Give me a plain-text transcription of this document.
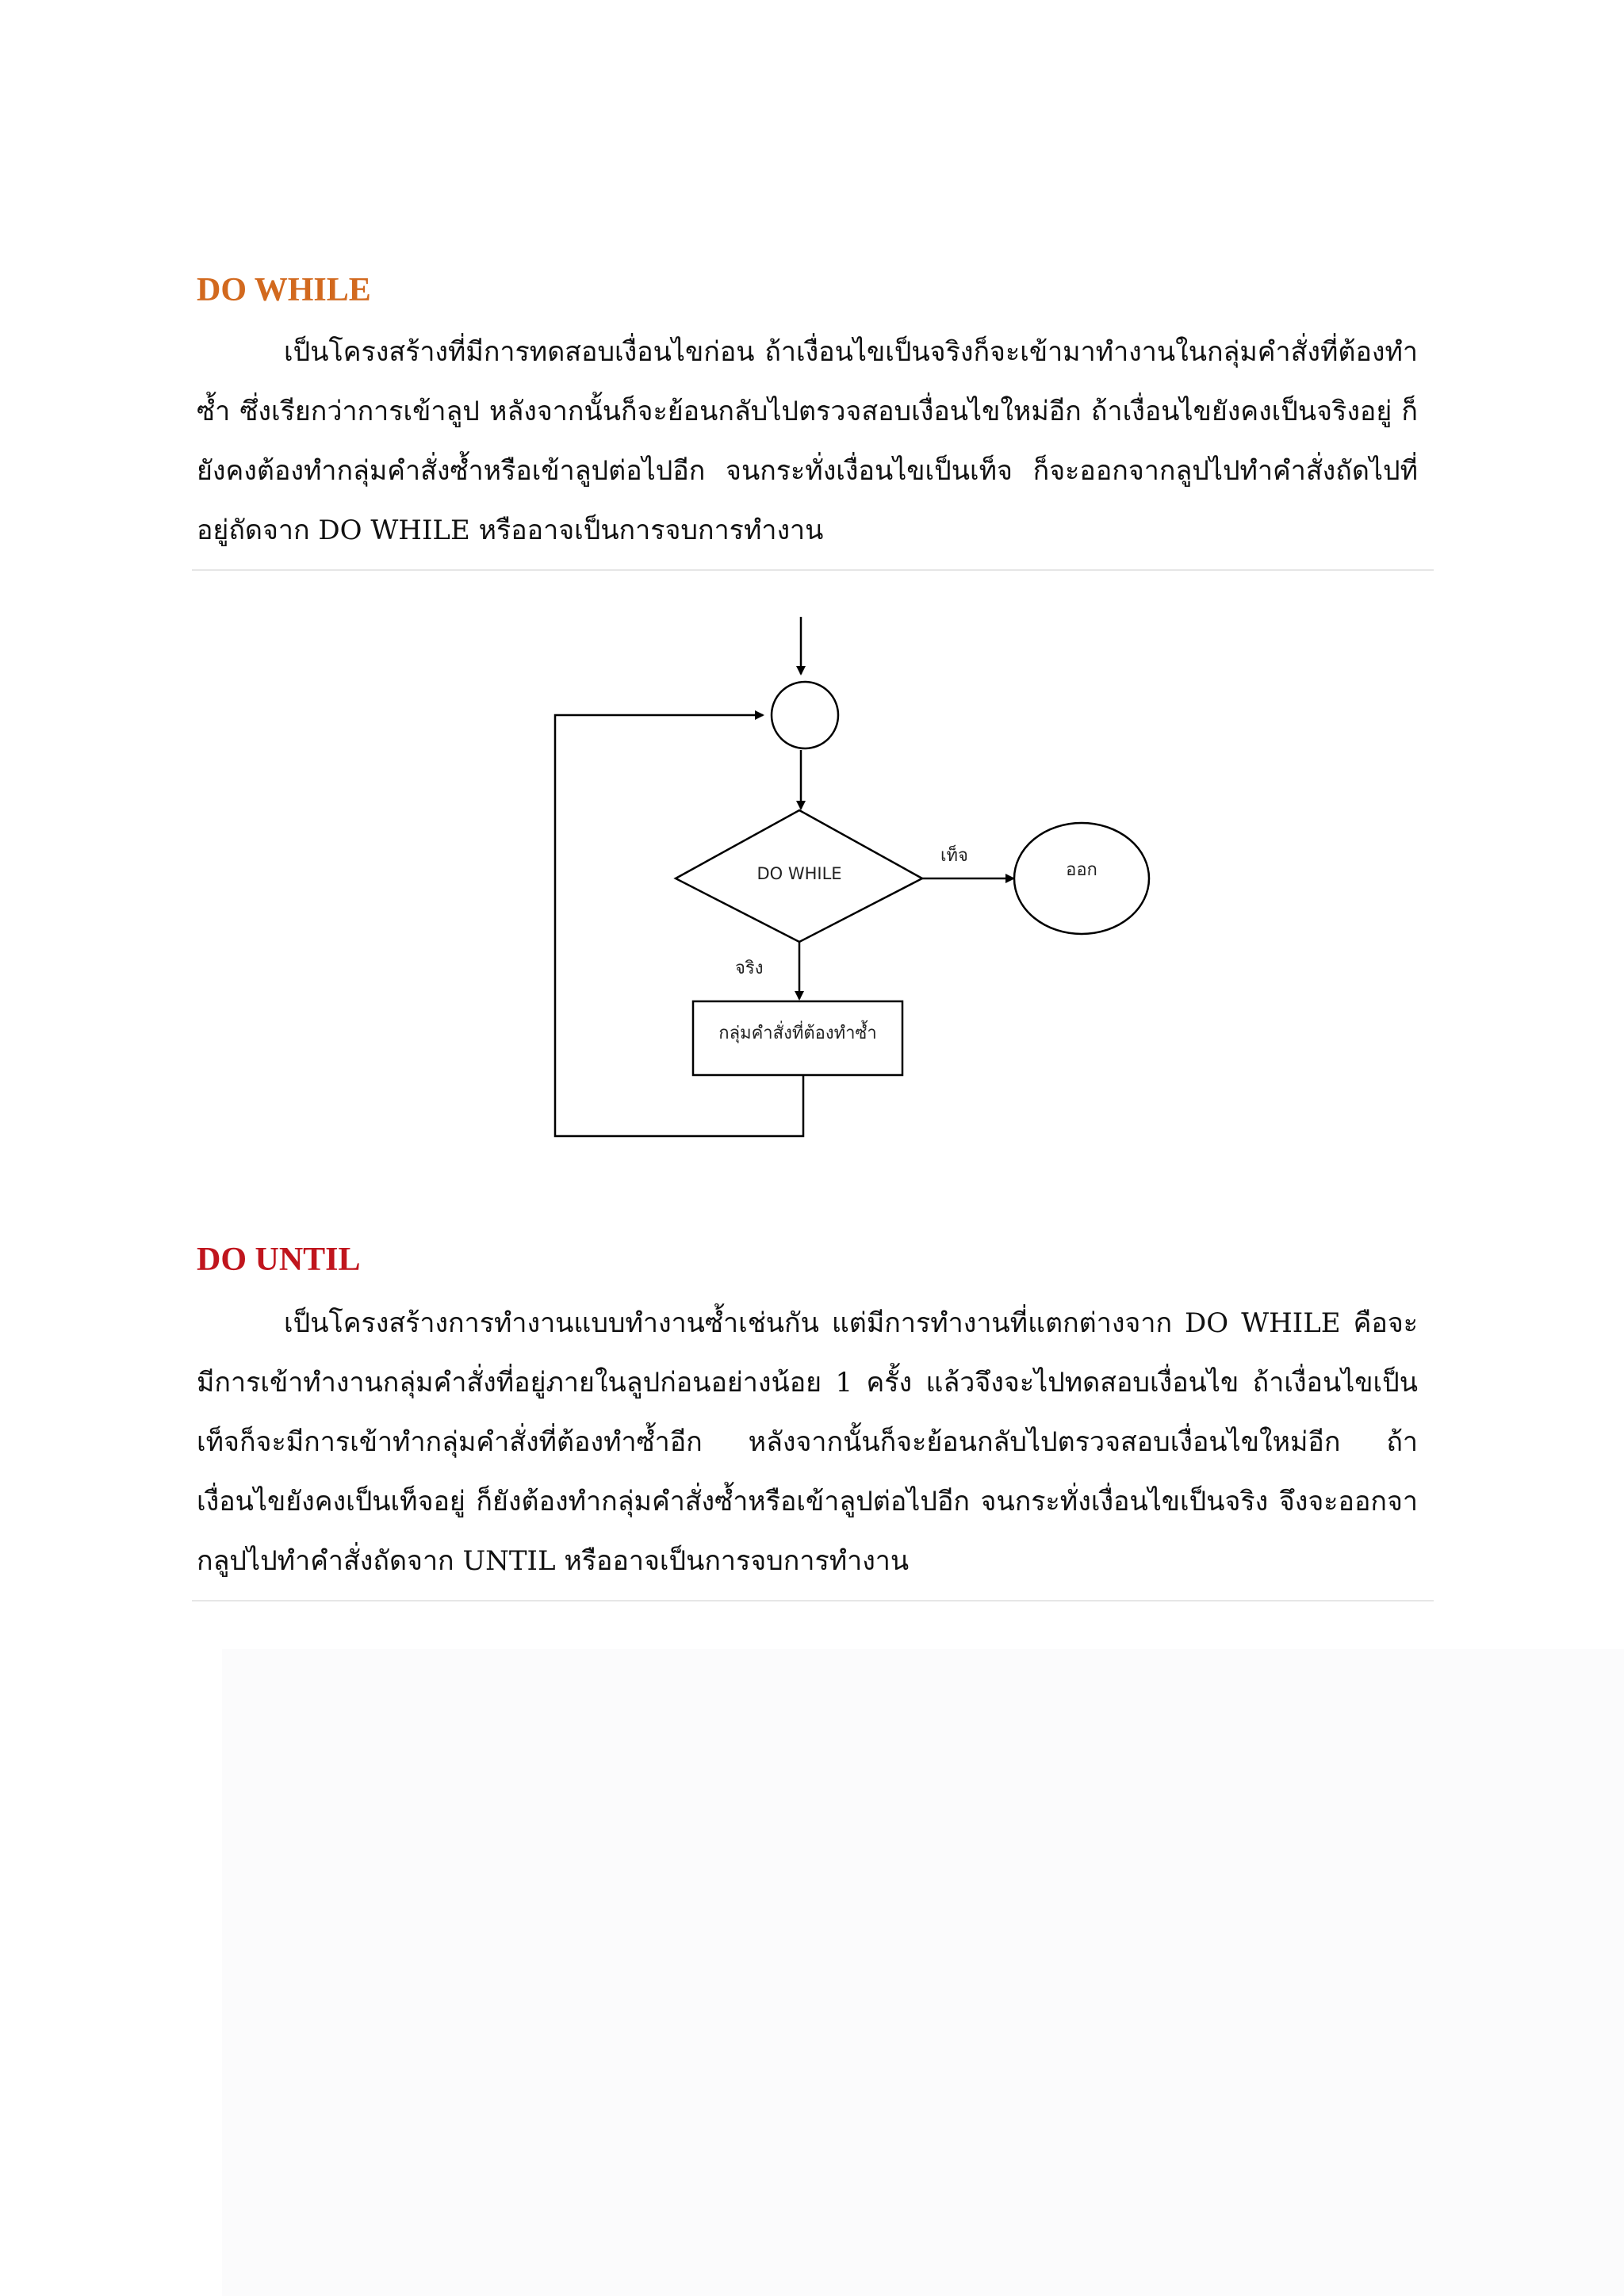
DO WHILE

เป็นโครงสร้างที่มีการทดสอบเงื่อนไขก่อน ถ้าเงื่อนไขเป็นจริงก็จะเข้ามาทำงานในกลุ่มคำสั่งที่ต้องทำซ้ำ ซึ่งเรียกว่าการเข้าลูป หลังจากนั้นก็จะย้อนกลับไปตรวจสอบเงื่อนไขใหม่อีก ถ้าเงื่อนไขยังคงเป็นจริงอยู่ ก็ยังคงต้องทำกลุ่มคำสั่งซ้ำหรือเข้าลูปต่อไปอีก จนกระทั่งเงื่อนไขเป็นเท็จ ก็จะออกจากลูปไปทำคำสั่งถัดไปที่อยู่ถัดจาก DO WHILE หรืออาจเป็นการจบการทำงาน

DO WHILE
เท็จ
ออก
จริง
กลุ่มคำสั่งที่ต้องทำซ้ำ
DO UNTIL

เป็นโครงสร้างการทำงานแบบทำงานซ้ำเช่นกัน แต่มีการทำงานที่แตกต่างจาก DO WHILE คือจะมีการเข้าทำงานกลุ่มคำสั่งที่อยู่ภายในลูปก่อนอย่างน้อย 1 ครั้ง แล้วจึงจะไปทดสอบเงื่อนไข ถ้าเงื่อนไขเป็นเท็จก็จะมีการเข้าทำกลุ่มคำสั่งที่ต้องทำซ้ำอีก หลังจากนั้นก็จะย้อนกลับไปตรวจสอบเงื่อนไขใหม่อีก ถ้าเงื่อนไขยังคงเป็นเท็จอยู่ ก็ยังต้องทำกลุ่มคำสั่งซ้ำหรือเข้าลูปต่อไปอีก จนกระทั่งเงื่อนไขเป็นจริง จึงจะออกจากลูปไปทำคำสั่งถัดจาก UNTIL หรืออาจเป็นการจบการทำงาน
